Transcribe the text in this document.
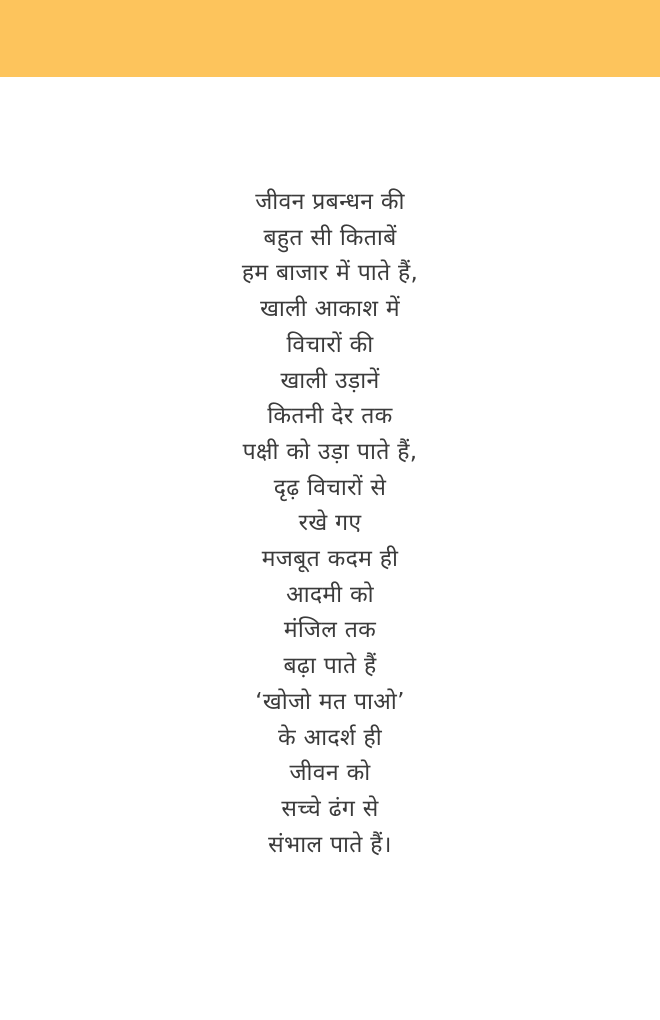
जीवन प्रबन्धन की
बहुत सी किताबें
हम बाजार में पाते हैं,
खाली आकाश में
विचारों की
खाली उड़ानें
कितनी देर तक
पक्षी को उड़ा पाते हैं,
दृढ़ विचारों से
रखे गए
मजबूत कदम ही
आदमी को
मंजिल तक
बढ़ा पाते हैं
‘खोजो मत पाओ’
के आदर्श ही
जीवन को
सच्चे ढंग से
संभाल पाते हैं।
